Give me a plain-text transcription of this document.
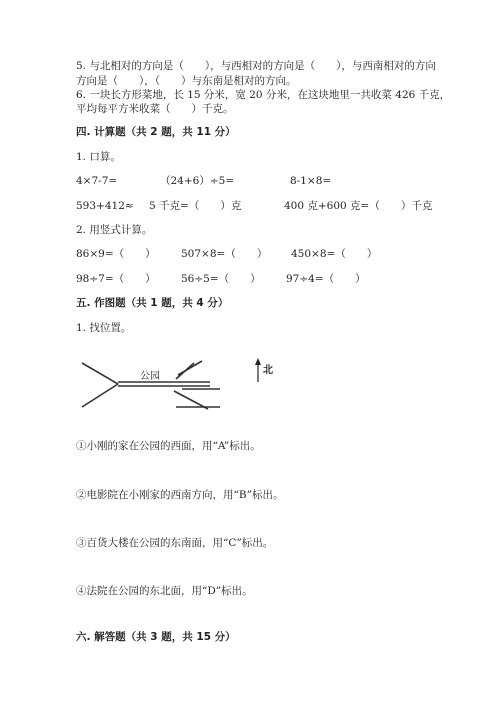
5. 与北相对的方向是（　　），与西相对的方向是（　　），与西南相对的方向
方向是（　　），（　　）与东南是相对的方向。
6. 一块长方形菜地，长 15 分米，宽 20 分米，在这块地里一共收菜 426 千克，
平均每平方米收菜（　　）千克。
四. 计算题（共 2 题，共 11 分）
1. 口算。
4×7-7=	（24+6）÷5=	8-1×8=
593+412≈ 5 千克=（　　）克	400 克+600 克=（　　）千克
2. 用竖式计算。
86×9=（　　） 507×8=（　　） 450×8=（　　）
98÷7=（　　） 56÷5=（　　） 97÷4=（　　）
五. 作图题（共 1 题，共 4 分）
1. 找位置。
公园
北
①小刚的家在公园的西面，用“A”标出。
②电影院在小刚家的西南方向，用“B”标出。
③百货大楼在公园的东南面，用“C”标出。
④法院在公园的东北面，用“D”标出。
六. 解答题（共 3 题，共 15 分）
